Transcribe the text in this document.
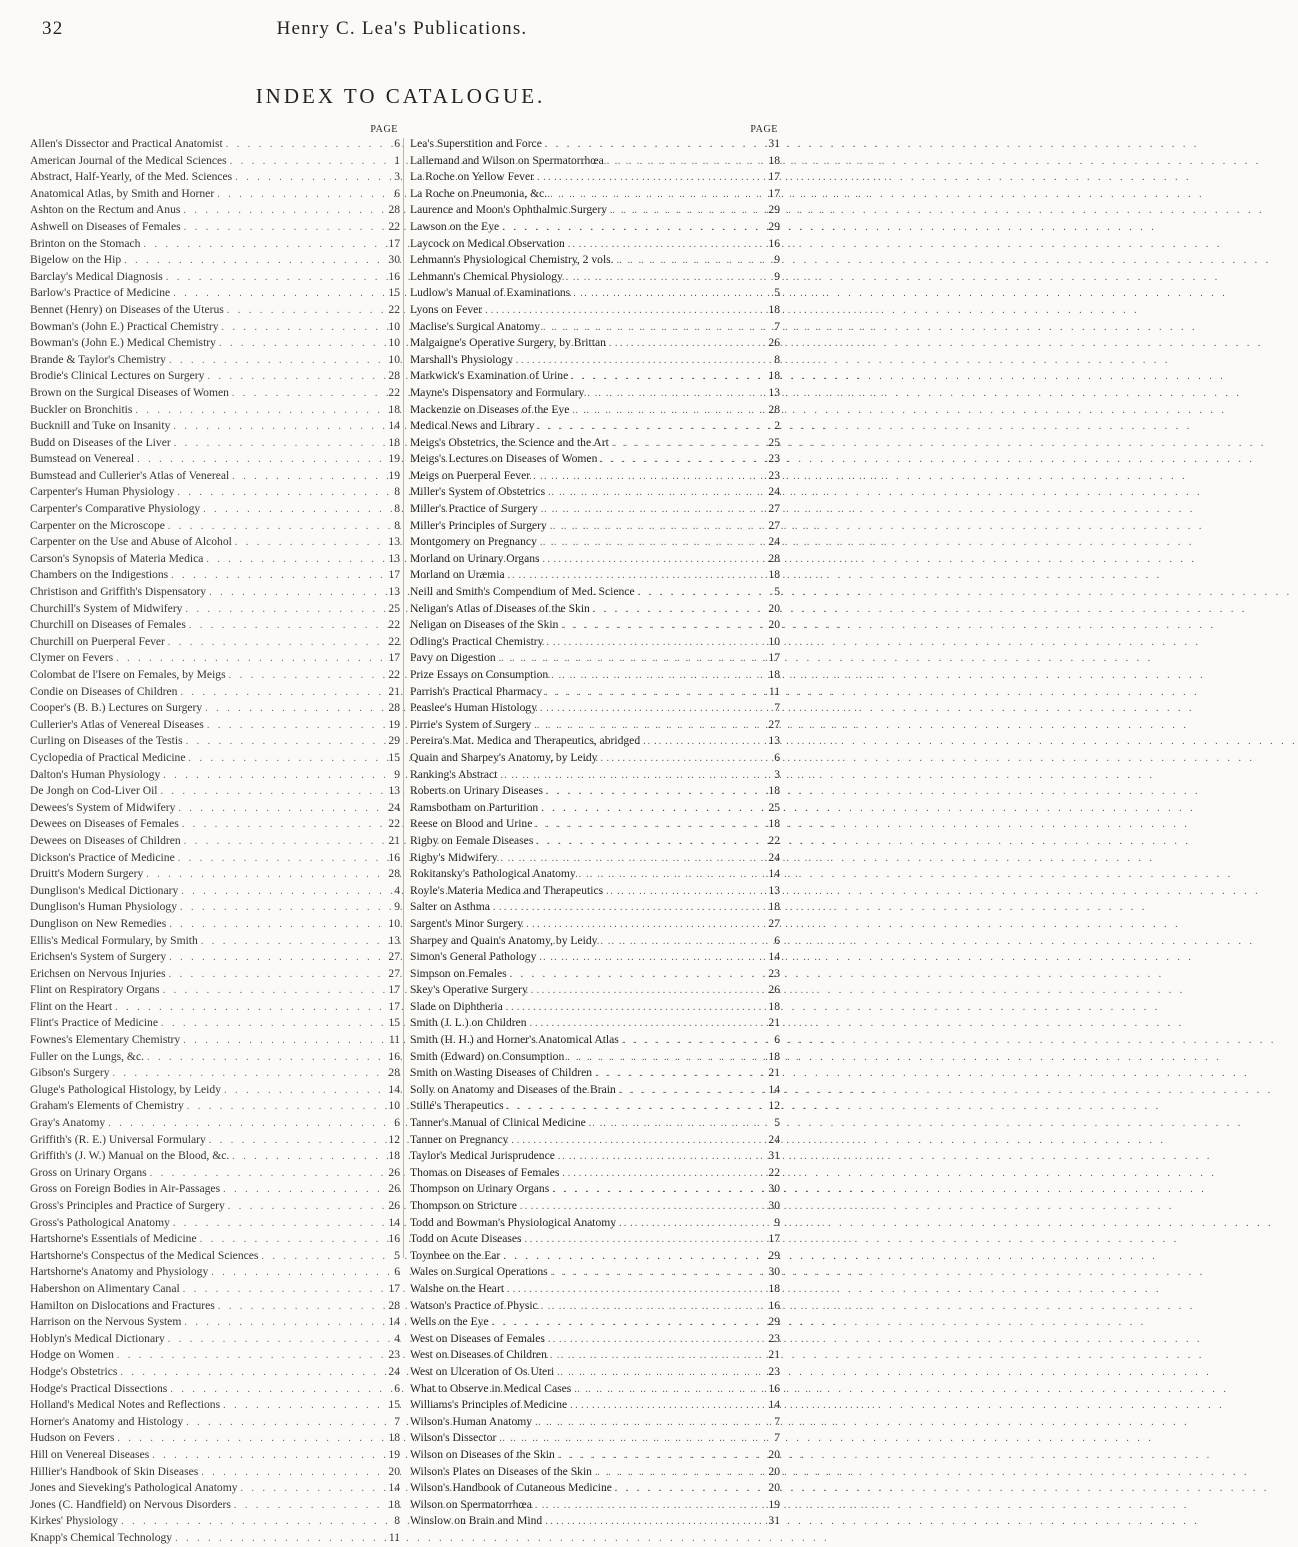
32	Henry C. Lea's Publications.
INDEX TO CATALOGUE.
PAGE
Allen's Dissector and Practical Anatomist . . .	6
American Journal of the Medical Sciences . . .	1
Abstract, Half-Yearly, of the Med. Sciences . . .	3
Anatomical Atlas, by Smith and Horner . . .	6
Ashton on the Rectum and Anus . . .	28
Ashwell on Diseases of Females . . .	22
Brinton on the Stomach . . .	17
Bigelow on the Hip . . .	30
Barclay's Medical Diagnosis . . .	16
Barlow's Practice of Medicine . . .	15
Bennet (Henry) on Diseases of the Uterus . . .	22
Bowman's (John E.) Practical Chemistry . . .	10
Bowman's (John E.) Medical Chemistry . . .	10
Brande & Taylor's Chemistry . . .	10
Brodie's Clinical Lectures on Surgery . . .	28
Brown on the Surgical Diseases of Women . . .	22
Buckler on Bronchitis . . .	18
Bucknill and Tuke on Insanity . . .	14
Budd on Diseases of the Liver . . .	18
Bumstead on Venereal . . .	19
Bumstead and Cullerier's Atlas of Venereal . . .	19
Carpenter's Human Physiology . . .	8
Carpenter's Comparative Physiology . . .	8
Carpenter on the Microscope . . .	8
Carpenter on the Use and Abuse of Alcohol . . .	13
Carson's Synopsis of Materia Medica . . .	13
Chambers on the Indigestions . . .	17
Christison and Griffith's Dispensatory . . .	13
Churchill's System of Midwifery . . .	25
Churchill on Diseases of Females . . .	22
Churchill on Puerperal Fever . . .	22
Clymer on Fevers . . .	17
Colombat de l'Isere on Females, by Meigs . . .	22
Condie on Diseases of Children . . .	21
Cooper's (B. B.) Lectures on Surgery . . .	28
Cullerier's Atlas of Venereal Diseases . . .	19
Curling on Diseases of the Testis . . .	29
Cyclopedia of Practical Medicine . . .	15
Dalton's Human Physiology . . .	9
De Jongh on Cod-Liver Oil . . .	13
Dewees's System of Midwifery . . .	24
Dewees on Diseases of Females . . .	22
Dewees on Diseases of Children . . .	21
Dickson's Practice of Medicine . . .	16
Druitt's Modern Surgery . . .	28
Dunglison's Medical Dictionary . . .	4
Dunglison's Human Physiology . . .	9
Dunglison on New Remedies . . .	10
Ellis's Medical Formulary, by Smith . . .	13
Erichsen's System of Surgery . . .	27
Erichsen on Nervous Injuries . . .	27
Flint on Respiratory Organs . . .	17
Flint on the Heart . . .	17
Flint's Practice of Medicine . . .	15
Fownes's Elementary Chemistry . . .	11
Fuller on the Lungs, &c. . . .	16
Gibson's Surgery . . .	28
Gluge's Pathological Histology, by Leidy . . .	14
Graham's Elements of Chemistry . . .	10
Gray's Anatomy . . .	6
Griffith's (R. E.) Universal Formulary . . .	12
Griffith's (J. W.) Manual on the Blood, &c. . . .	18
Gross on Urinary Organs . . .	26
Gross on Foreign Bodies in Air-Passages . . .	26
Gross's Principles and Practice of Surgery . . .	26
Gross's Pathological Anatomy . . .	14
Hartshorne's Essentials of Medicine . . .	16
Hartshorne's Conspectus of the Medical Sciences . . .	5
Hartshorne's Anatomy and Physiology . . .	6
Habershon on Alimentary Canal . . .	17
Hamilton on Dislocations and Fractures . . .	28
Harrison on the Nervous System . . .	14
Hoblyn's Medical Dictionary . . .	4
Hodge on Women . . .	23
Hodge's Obstetrics . . .	24
Hodge's Practical Dissections . . .	6
Holland's Medical Notes and Reflections . . .	15
Horner's Anatomy and Histology . . .	7
Hudson on Fevers . . .	18
Hill on Venereal Diseases . . .	19
Hillier's Handbook of Skin Diseases . . .	20
Jones and Sieveking's Pathological Anatomy . . .	14
Jones (C. Handfield) on Nervous Disorders . . .	18
Kirkes' Physiology . . .	8
Knapp's Chemical Technology . . .	11
PAGE
Lea's Superstition and Force . . .	31
Lallemand and Wilson on Spermatorrhœa . . .	18
La Roche on Yellow Fever . . .	17
La Roche on Pneumonia, &c. . . .	17
Laurence and Moon's Ophthalmic Surgery . . .	29
Lawson on the Eye . . .	29
Laycock on Medical Observation . . .	16
Lehmann's Physiological Chemistry, 2 vols. . . .	9
Lehmann's Chemical Physiology . . .	9
Ludlow's Manual of Examinations . . .	5
Lyons on Fever . . .	18
Maclise's Surgical Anatomy . . .	7
Malgaigne's Operative Surgery, by Brittan . . .	26
Marshall's Physiology . . .	8
Markwick's Examination of Urine . . .	18
Mayne's Dispensatory and Formulary . . .	13
Mackenzie on Diseases of the Eye . . .	28
Medical News and Library . . .	2
Meigs's Obstetrics, the Science and the Art . . .	25
Meigs's Lectures on Diseases of Women . . .	23
Meigs on Puerperal Fever . . .	23
Miller's System of Obstetrics . . .	24
Miller's Practice of Surgery . . .	27
Miller's Principles of Surgery . . .	27
Montgomery on Pregnancy . . .	24
Morland on Urinary Organs . . .	28
Morland on Uræmia . . .	18
Neill and Smith's Compendium of Med. Science . . .	5
Neligan's Atlas of Diseases of the Skin . . .	20
Neligan on Diseases of the Skin . . .	20
Odling's Practical Chemistry . . .	10
Pavy on Digestion . . .	17
Prize Essays on Consumption . . .	18
Parrish's Practical Pharmacy . . .	11
Peaslee's Human Histology . . .	7
Pirrie's System of Surgery . . .	27
Pereira's Mat. Medica and Therapeutics, abridged . . .	13
Quain and Sharpey's Anatomy, by Leidy . . .	6
Ranking's Abstract . . .	3
Roberts on Urinary Diseases . . .	18
Ramsbotham on Parturition . . .	25
Reese on Blood and Urine . . .	18
Rigby on Female Diseases . . .	22
Rigby's Midwifery . . .	24
Rokitansky's Pathological Anatomy . . .	14
Royle's Materia Medica and Therapeutics . . .	13
Salter on Asthma . . .	18
Sargent's Minor Surgery . . .	27
Sharpey and Quain's Anatomy, by Leidy . . .	6
Simon's General Pathology . . .	14
Simpson on Females . . .	23
Skey's Operative Surgery . . .	26
Slade on Diphtheria . . .	18
Smith (J. L.) on Children . . .	21
Smith (H. H.) and Horner's Anatomical Atlas . . .	6
Smith (Edward) on Consumption . . .	18
Smith on Wasting Diseases of Children . . .	21
Solly on Anatomy and Diseases of the Brain . . .	14
Stillé's Therapeutics . . .	12
Tanner's Manual of Clinical Medicine . . .	5
Tanner on Pregnancy . . .	24
Taylor's Medical Jurisprudence . . .	31
Thomas on Diseases of Females . . .	22
Thompson on Urinary Organs . . .	30
Thompson on Stricture . . .	30
Todd and Bowman's Physiological Anatomy . . .	9
Todd on Acute Diseases . . .	17
Toynbee on the Ear . . .	29
Wales on Surgical Operations . . .	30
Walshe on the Heart . . .	18
Watson's Practice of Physic . . .	16
Wells on the Eye . . .	29
West on Diseases of Females . . .	23
West on Diseases of Children . . .	21
West on Ulceration of Os Uteri . . .	23
What to Observe in Medical Cases . . .	16
Williams's Principles of Medicine . . .	14
Wilson's Human Anatomy . . .	7
Wilson's Dissector . . .	7
Wilson on Diseases of the Skin . . .	20
Wilson's Plates on Diseases of the Skin . . .	20
Wilson's Handbook of Cutaneous Medicine . . .	20
Wilson on Spermatorrhœa . . .	19
Winslow on Brain and Mind . . .	31
